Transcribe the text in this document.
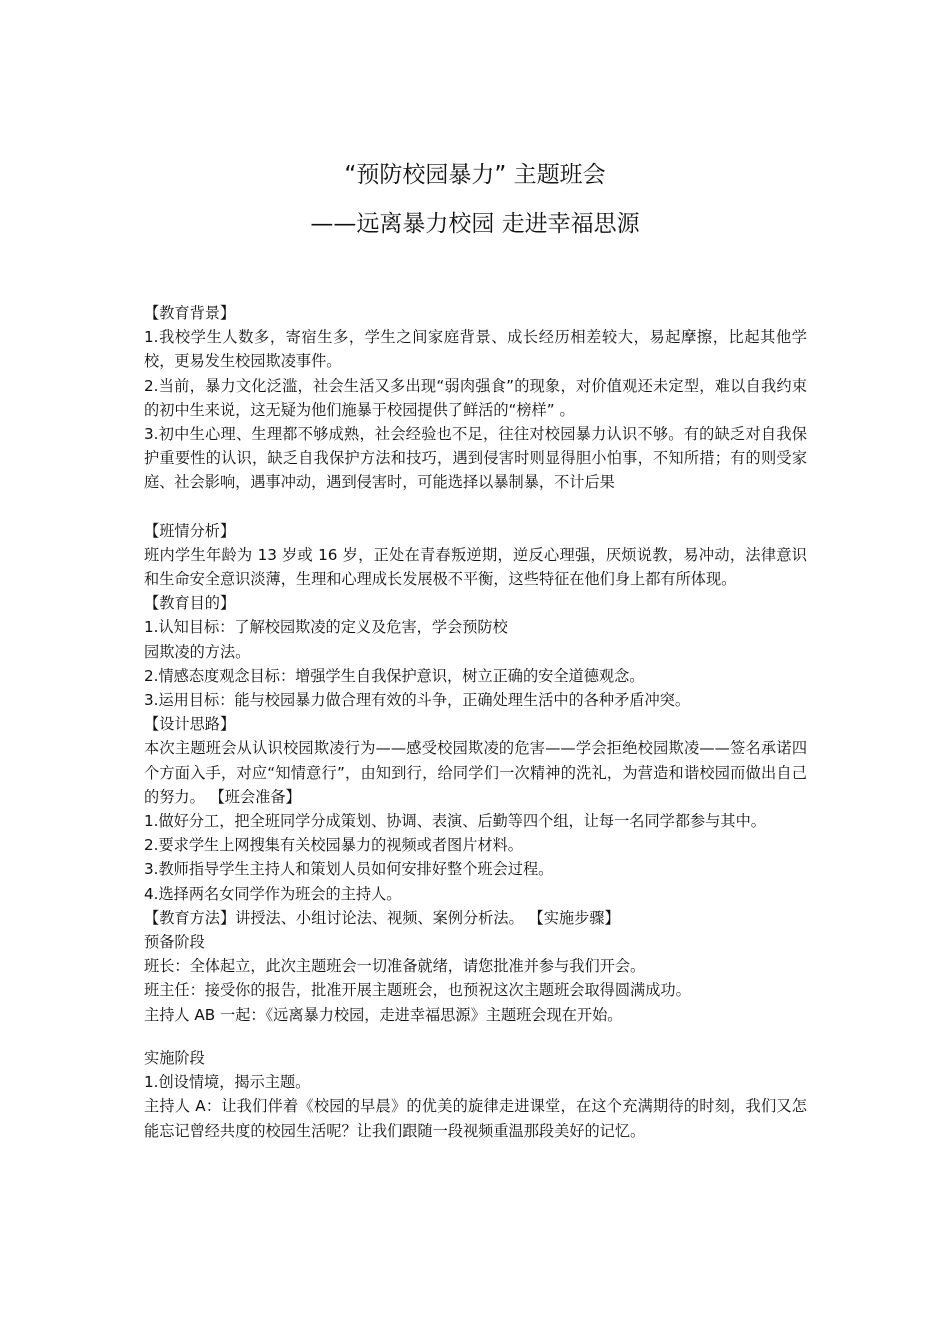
“预防校园暴力” 主题班会
——远离暴力校园 走进幸福思源

【教育背景】

1.我校学生人数多，寄宿生多，学生之间家庭背景、成长经历相差较大，易起摩擦，比起其他学校，更易发生校园欺凌事件。

2.当前，暴力文化泛滥，社会生活又多出现“弱肉强食”的现象，对价值观还未定型，难以自我约束的初中生来说，这无疑为他们施暴于校园提供了鲜活的“榜样” 。

3.初中生心理、生理都不够成熟，社会经验也不足，往往对校园暴力认识不够。有的缺乏对自我保护重要性的认识，缺乏自我保护方法和技巧，遇到侵害时则显得胆小怕事，不知所措；有的则受家庭、社会影响，遇事冲动，遇到侵害时，可能选择以暴制暴，不计后果

【班情分析】

班内学生年龄为 13 岁或 16 岁，正处在青春叛逆期，逆反心理强，厌烦说教，易冲动，法律意识和生命安全意识淡薄，生理和心理成长发展极不平衡，这些特征在他们身上都有所体现。

【教育目的】

1.认知目标：了解校园欺凌的定义及危害，学会预防校

园欺凌的方法。

2.情感态度观念目标：增强学生自我保护意识，树立正确的安全道德观念。

3.运用目标：能与校园暴力做合理有效的斗争，正确处理生活中的各种矛盾冲突。

【设计思路】

本次主题班会从认识校园欺凌行为——感受校园欺凌的危害——学会拒绝校园欺凌——签名承诺四个方面入手，对应“知情意行”，由知到行，给同学们一次精神的洗礼，为营造和谐校园而做出自己的努力。 【班会准备】

1.做好分工，把全班同学分成策划、协调、表演、后勤等四个组，让每一名同学都参与其中。

2.要求学生上网搜集有关校园暴力的视频或者图片材料。

3.教师指导学生主持人和策划人员如何安排好整个班会过程。

4.选择两名女同学作为班会的主持人。

【教育方法】讲授法、小组讨论法、视频、案例分析法。 【实施步骤】

预备阶段

班长：全体起立，此次主题班会一切准备就绪，请您批准并参与我们开会。

班主任：接受你的报告，批准开展主题班会，也预祝这次主题班会取得圆满成功。

主持人 AB 一起：《远离暴力校园，走进幸福思源》主题班会现在开始。

实施阶段

1.创设情境，揭示主题。

主持人 A：让我们伴着《校园的早晨》的优美的旋律走进课堂，在这个充满期待的时刻，我们又怎能忘记曾经共度的校园生活呢？让我们跟随一段视频重温那段美好的记忆。
